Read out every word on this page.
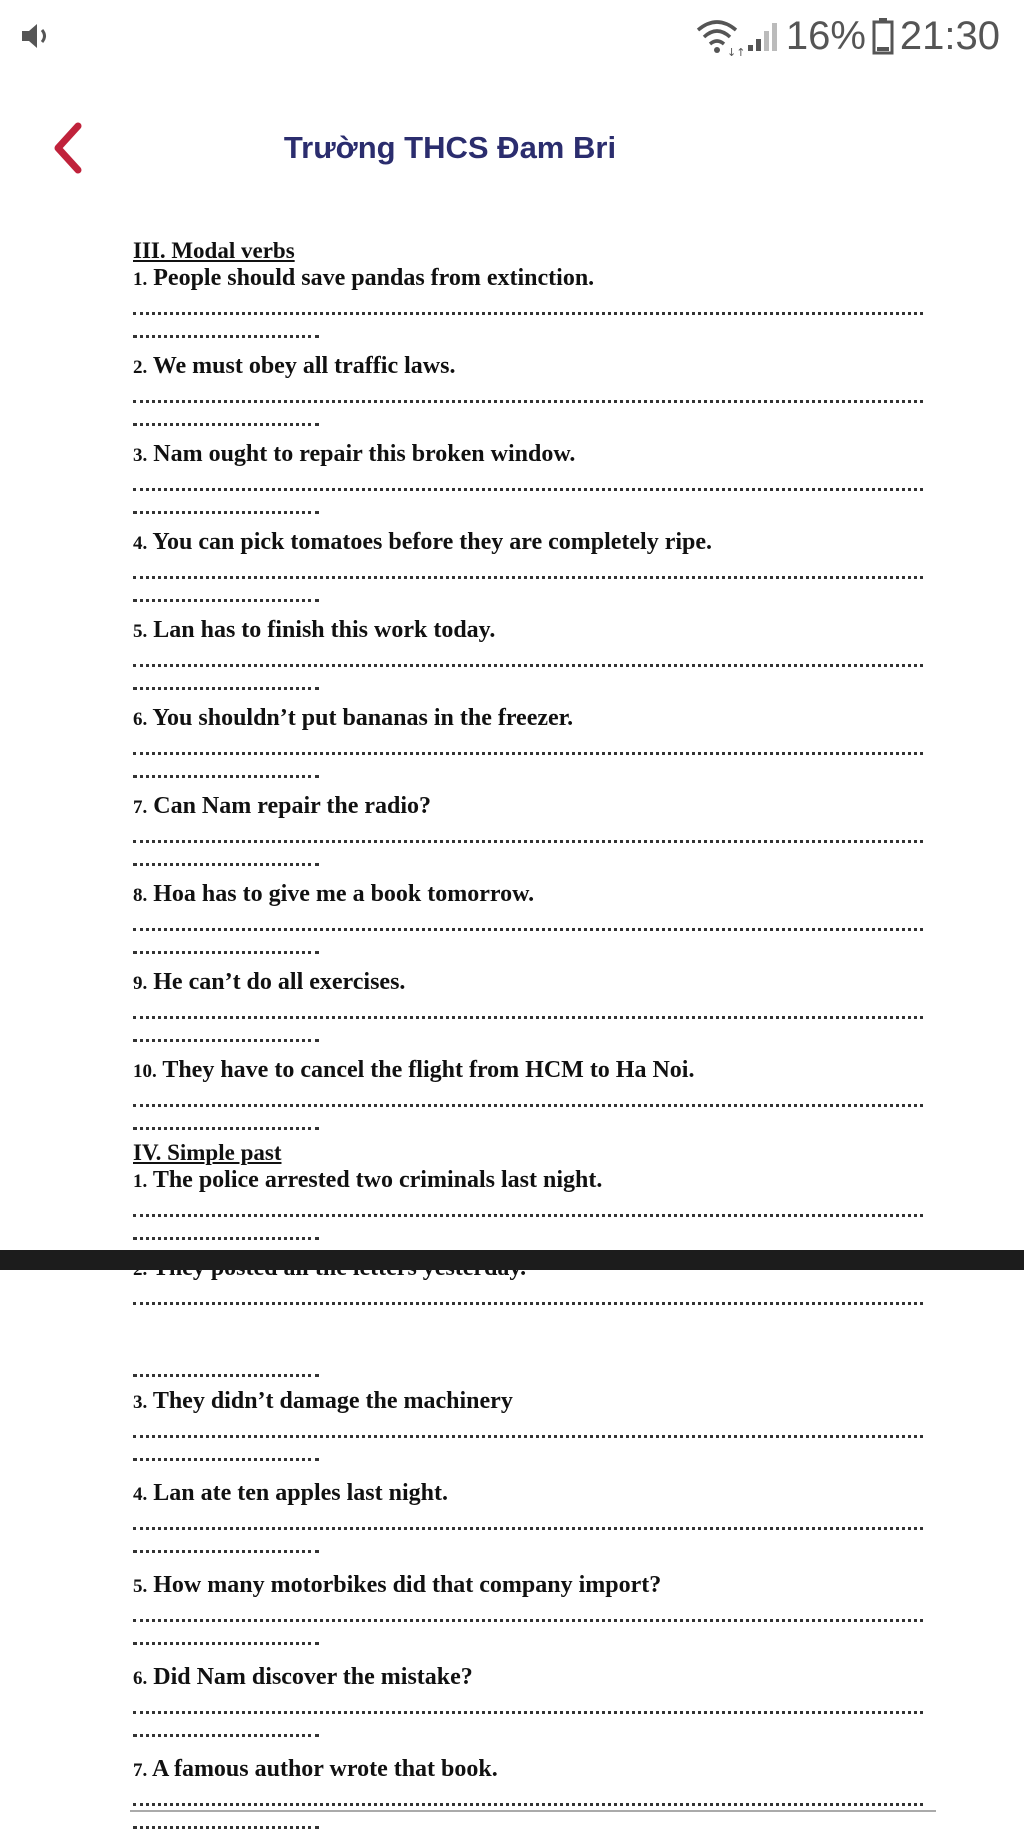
↓↑ 16% 21:30
Trường THCS Đam Bri
III. Modal verbs
1. People should save pandas from extinction.
2. We must obey all traffic laws.
3. Nam ought to repair this broken window.
4. You can pick tomatoes before they are completely ripe.
5. Lan has to finish this work today.
6. You shouldn’t put bananas in the freezer.
7. Can Nam repair the radio?
8. Hoa has to give me a book tomorrow.
9. He can’t do all exercises.
10. They have to cancel the flight from HCM to Ha Noi.
IV. Simple past
1. The police arrested two criminals last night.
3. They didn’t damage the machinery
4. Lan ate ten apples last night.
5. How many motorbikes did that company import?
6. Did Nam discover the mistake?
7. A famous author wrote that book.
